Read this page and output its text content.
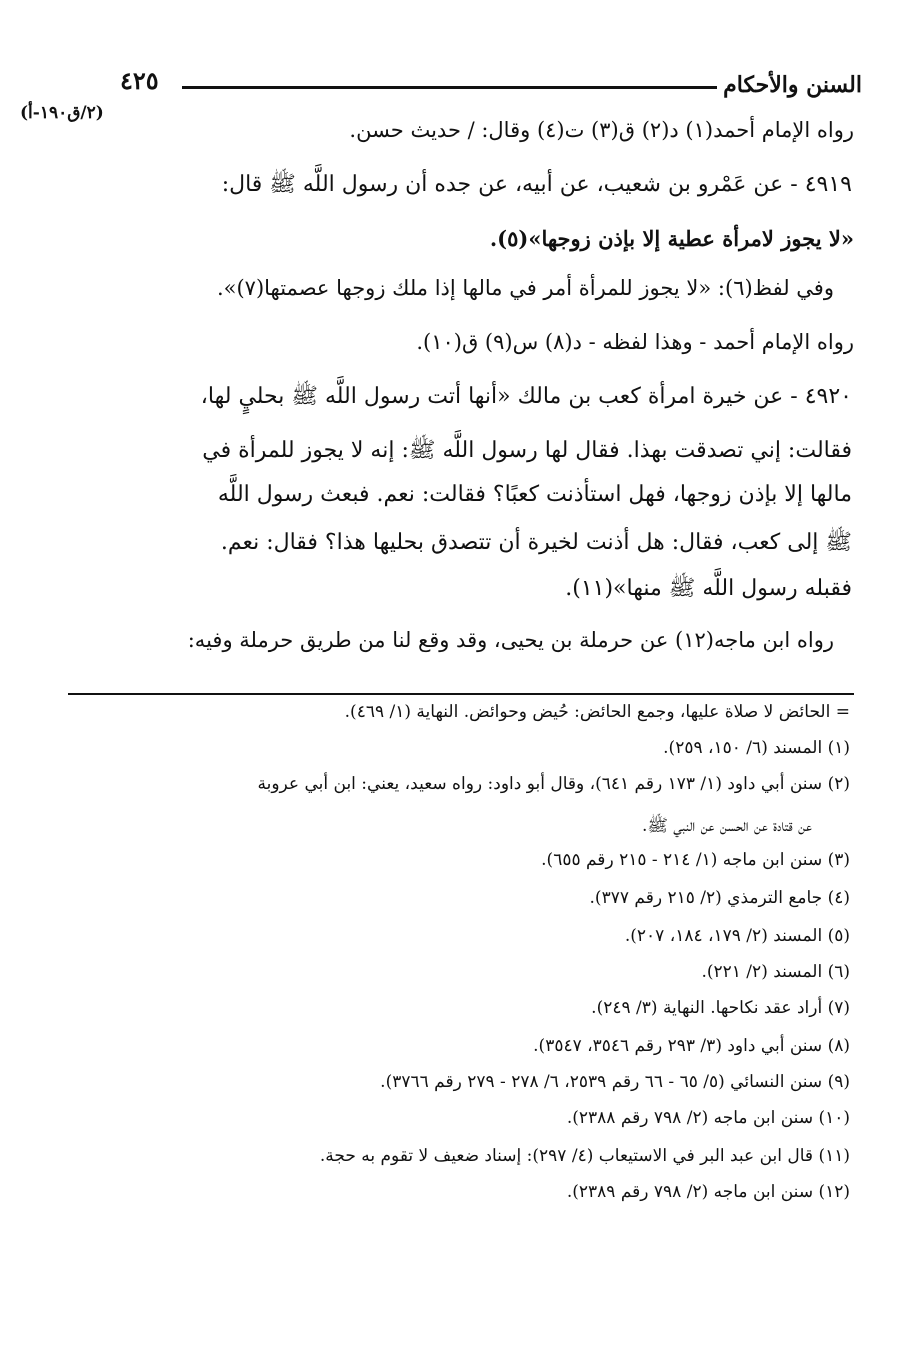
السنن والأحكام
٤٢٥
(٢/ق١٩٠-أ)
رواه الإمام أحمد(١) د(٢) ق(٣) ت(٤) وقال: / حديث حسن.
٤٩١٩ - عن عَمْرو بن شعيب، عن أبيه، عن جده أن رسول اللَّه ﷺ قال:
«لا يجوز لامرأة عطية إلا بإذن زوجها»(٥).
وفي لفظ(٦): «لا يجوز للمرأة أمر في مالها إذا ملك زوجها عصمتها(٧)».
رواه الإمام أحمد - وهذا لفظه - د(٨) س(٩) ق(١٠).
٤٩٢٠ - عن خيرة امرأة كعب بن مالك «أنها أتت رسول اللَّه ﷺ بحليٍ لها،
فقالت: إني تصدقت بهذا. فقال لها رسول اللَّه ﷺ: إنه لا يجوز للمرأة في
مالها إلا بإذن زوجها، فهل استأذنت كعبًا؟ فقالت: نعم. فبعث رسول اللَّه
ﷺ إلى كعب، فقال: هل أذنت لخيرة أن تتصدق بحليها هذا؟ فقال: نعم.
فقبله رسول اللَّه ﷺ منها»(١١).
رواه ابن ماجه(١٢) عن حرملة بن يحيى، وقد وقع لنا من طريق حرملة وفيه:
= الحائض لا صلاة عليها، وجمع الحائض: حُيض وحوائض. النهاية (١/ ٤٦٩).
(١) المسند (٦/ ١٥٠، ٢٥٩).
(٢) سنن أبي داود (١/ ١٧٣ رقم ٦٤١)، وقال أبو داود: رواه سعيد، يعني: ابن أبي عروبة
عن قتادة عن الحسن عن النبي ﷺ.
(٣) سنن ابن ماجه (١/ ٢١٤ - ٢١٥ رقم ٦٥٥).
(٤) جامع الترمذي (٢/ ٢١٥ رقم ٣٧٧).
(٥) المسند (٢/ ١٧٩، ١٨٤، ٢٠٧).
(٦) المسند (٢/ ٢٢١).
(٧) أراد عقد نكاحها. النهاية (٣/ ٢٤٩).
(٨) سنن أبي داود (٣/ ٢٩٣ رقم ٣٥٤٦، ٣٥٤٧).
(٩) سنن النسائي (٥/ ٦٥ - ٦٦ رقم ٢٥٣٩، ٦/ ٢٧٨ - ٢٧٩ رقم ٣٧٦٦).
(١٠) سنن ابن ماجه (٢/ ٧٩٨ رقم ٢٣٨٨).
(١١) قال ابن عبد البر في الاستيعاب (٤/ ٢٩٧): إسناد ضعيف لا تقوم به حجة.
(١٢) سنن ابن ماجه (٢/ ٧٩٨ رقم ٢٣٨٩).
